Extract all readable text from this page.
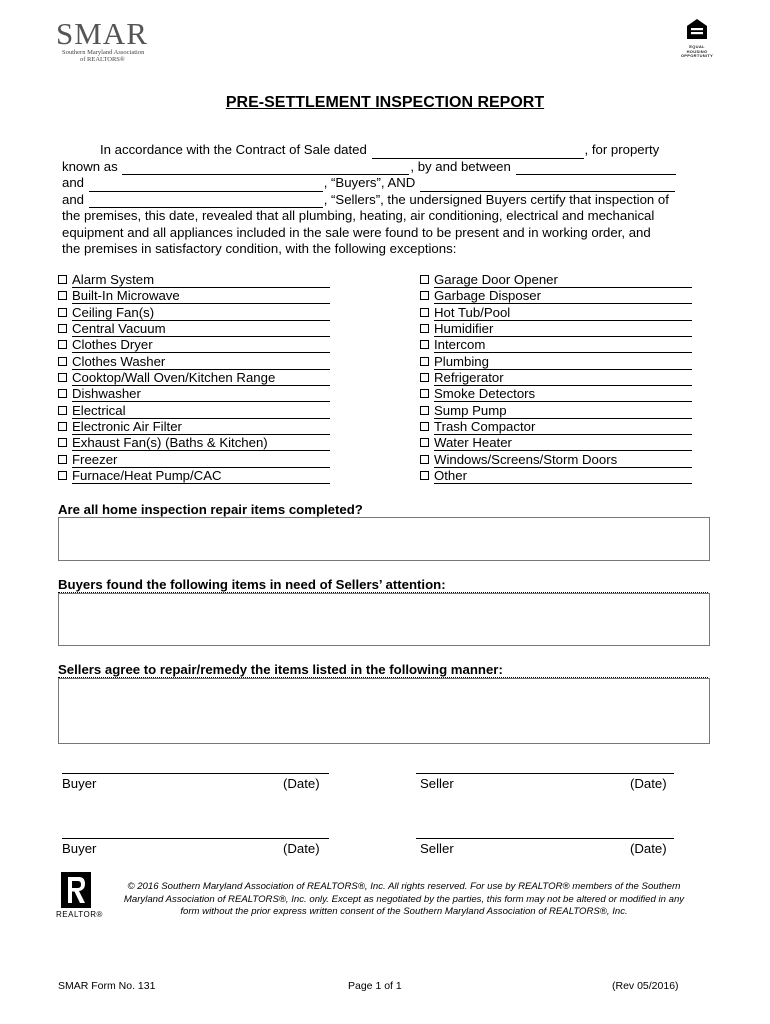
SMAR
Southern Maryland Association
of REALTORS®
EQUAL HOUSING
OPPORTUNITY
PRE-SETTLEMENT INSPECTION REPORT
In accordance with the Contract of Sale dated	, for property
known as	, by and between
and	, “Buyers”, AND
and	, “Sellers”, the undersigned Buyers certify that inspection of
the premises, this date, revealed that all plumbing, heating, air conditioning, electrical and mechanical
equipment and all appliances included in the sale were found to be present and in working order, and
the premises in satisfactory condition, with the following exceptions:
Alarm System
Built-In Microwave
Ceiling Fan(s)
Central Vacuum
Clothes Dryer
Clothes Washer
Cooktop/Wall Oven/Kitchen Range
Dishwasher
Electrical
Electronic Air Filter
Exhaust Fan(s) (Baths & Kitchen)
Freezer
Furnace/Heat Pump/CAC
Garage Door Opener
Garbage Disposer
Hot Tub/Pool
Humidifier
Intercom
Plumbing
Refrigerator
Smoke Detectors
Sump Pump
Trash Compactor
Water Heater
Windows/Screens/Storm Doors
Other
Are all home inspection repair items completed?
Buyers found the following items in need of Sellers’ attention:
Sellers agree to repair/remedy the items listed in the following manner:
Buyer	(Date)	Seller	(Date)
Buyer	(Date)	Seller	(Date)
REALTOR®
© 2016 Southern Maryland Association of REALTORS®, Inc. All rights reserved. For use by REALTOR® members of the Southern
Maryland Association of REALTORS®, Inc. only. Except as negotiated by the parties, this form may not be altered or modified in any
form without the prior express written consent of the Southern Maryland Association of REALTORS®, Inc.
SMAR Form No. 131	Page 1 of 1	(Rev 05/2016)
